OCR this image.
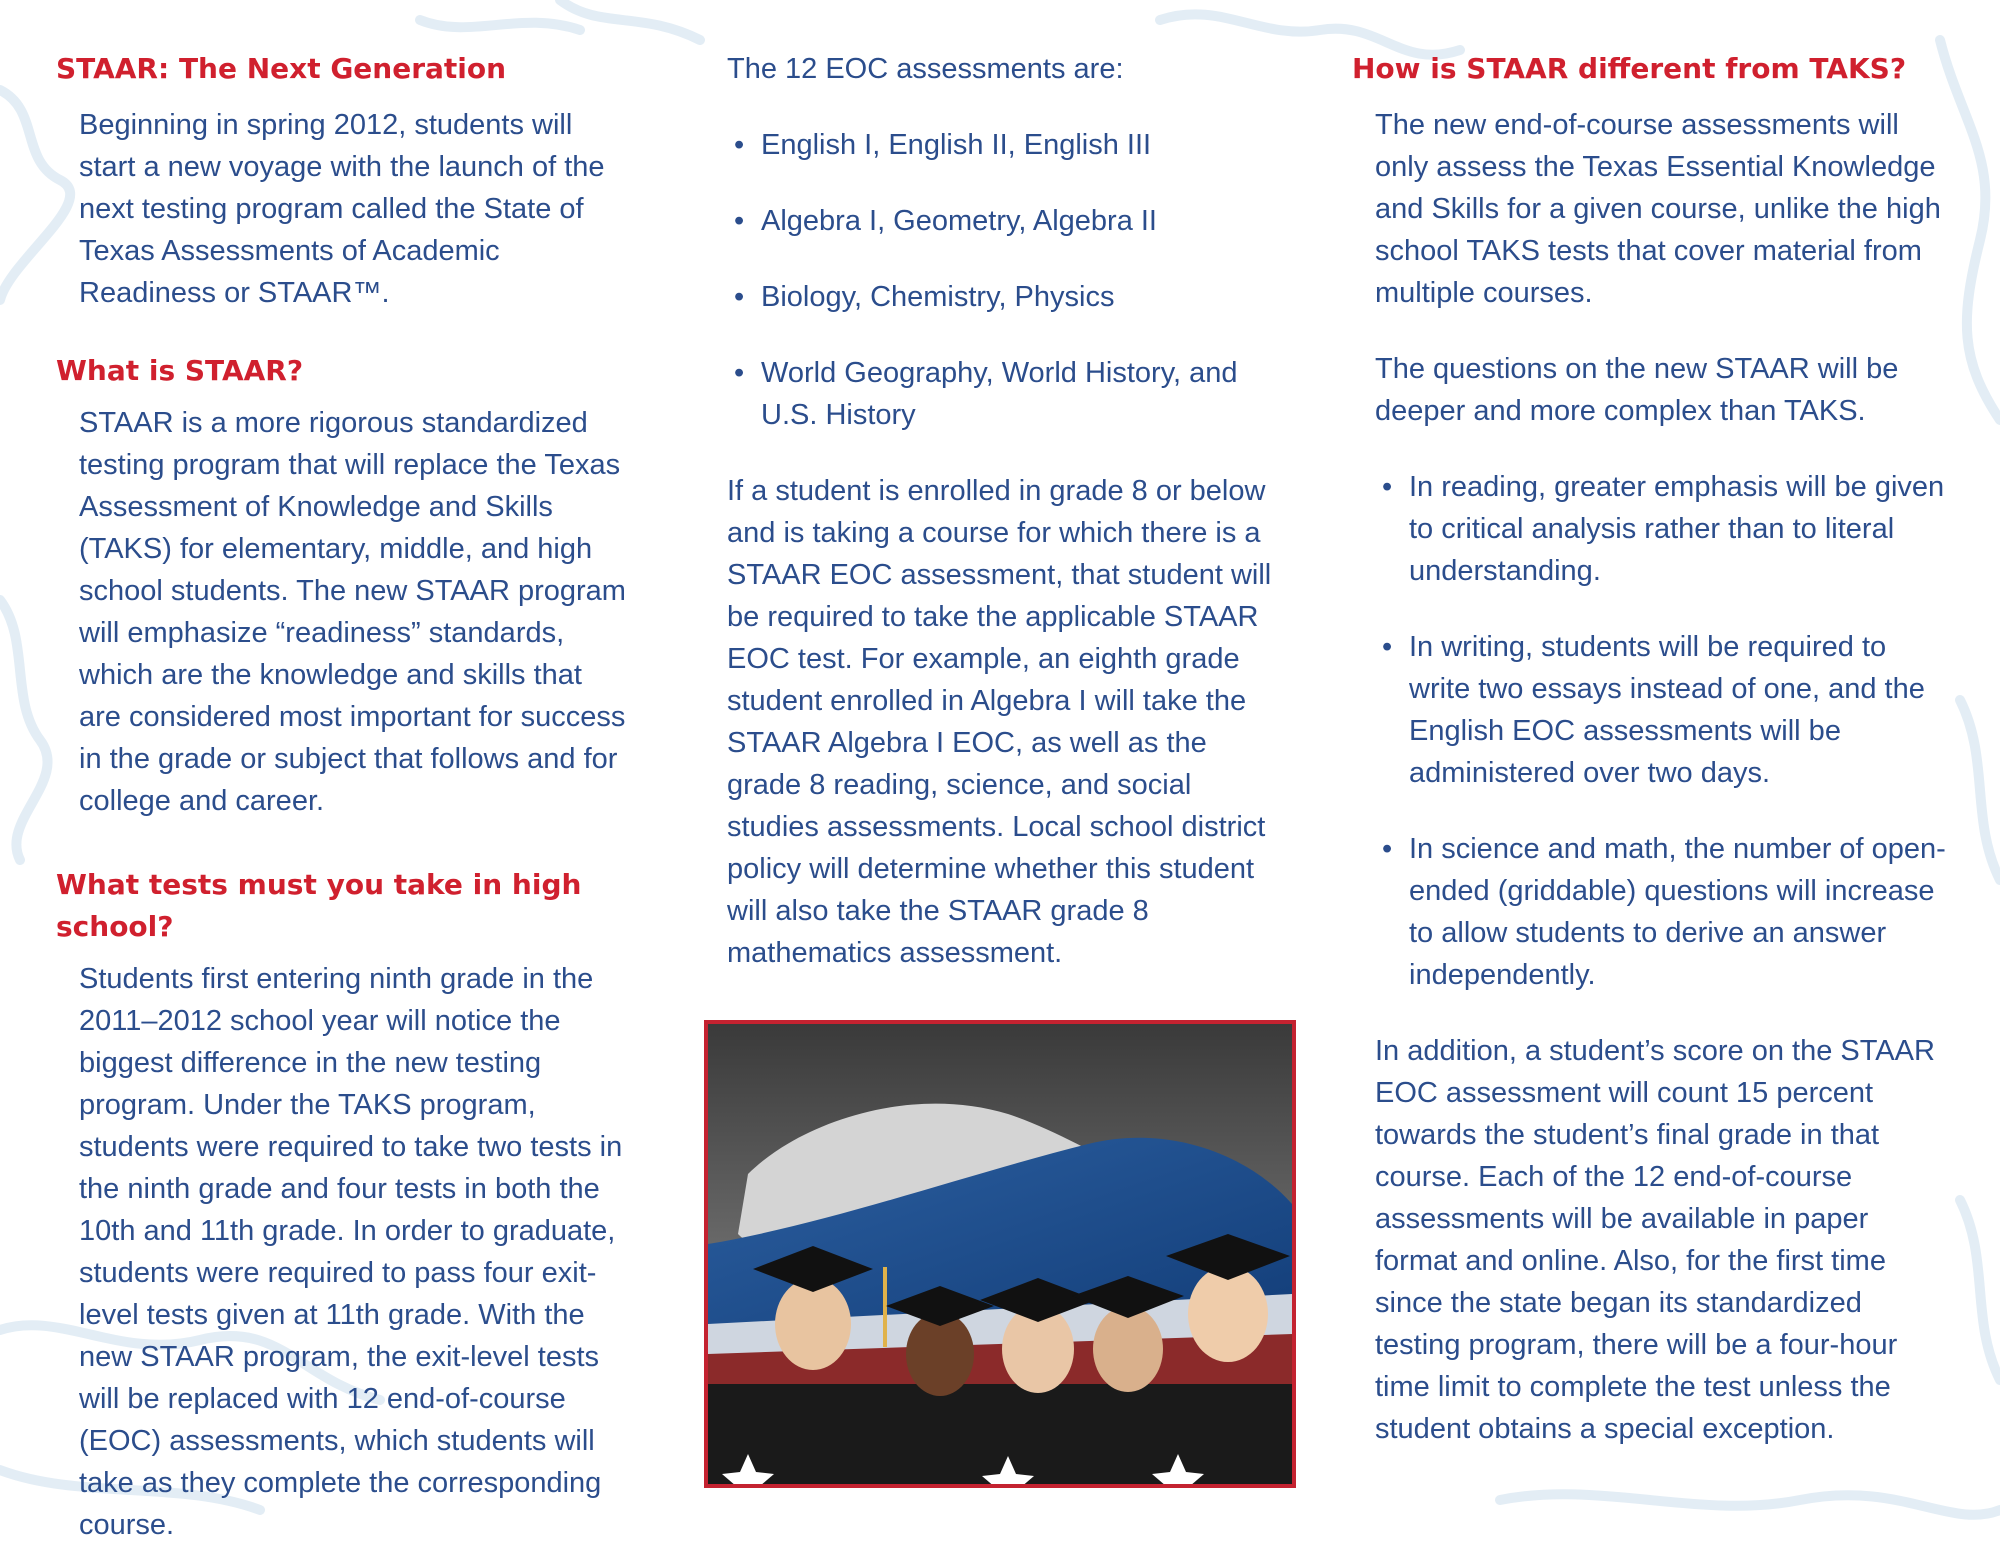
STAAR: The Next Generation

Beginning in spring 2012, students will start a new voyage with the launch of the next testing program called the State of Texas Assessments of Academic Readiness or STAAR™.

What is STAAR?

STAAR is a more rigorous standardized testing program that will replace the Texas Assessment of Knowledge and Skills (TAKS) for elementary, middle, and high school students. The new STAAR program will emphasize “readiness” standards, which are the knowledge and skills that are considered most important for success in the grade or subject that follows and for college and career.

What tests must you take in high school?

Students first entering ninth grade in the 2011–2012 school year will notice the biggest difference in the new testing program. Under the TAKS program, students were required to take two tests in the ninth grade and four tests in both the 10th and 11th grade. In order to graduate, students were required to pass four exit-level tests given at 11th grade. With the new STAAR program, the exit-level tests will be replaced with 12 end-of-course (EOC) assessments, which students will take as they complete the corresponding course.

The 12 EOC assessments are:

• English I, English II, English III
• Algebra I, Geometry, Algebra II
• Biology, Chemistry, Physics
• World Geography, World History, and U.S. History

If a student is enrolled in grade 8 or below and is taking a course for which there is a STAAR EOC assessment, that student will be required to take the applicable STAAR EOC test. For example, an eighth grade student enrolled in Algebra I will take the STAAR Algebra I EOC, as well as the grade 8 reading, science, and social studies assessments. Local school district policy will determine whether this student will also take the STAAR grade 8 mathematics assessment.

How is STAAR different from TAKS?

The new end-of-course assessments will only assess the Texas Essential Knowledge and Skills for a given course, unlike the high school TAKS tests that cover material from multiple courses.

The questions on the new STAAR will be deeper and more complex than TAKS.

• In reading, greater emphasis will be given to critical analysis rather than to literal understanding.
• In writing, students will be required to write two essays instead of one, and the English EOC assessments will be administered over two days.
• In science and math, the number of open-ended (griddable) questions will increase to allow students to derive an answer independently.

In addition, a student’s score on the STAAR EOC assessment will count 15 percent towards the student’s final grade in that course. Each of the 12 end-of-course assessments will be available in paper format and online. Also, for the first time since the state began its standardized testing program, there will be a four-hour time limit to complete the test unless the student obtains a special exception.
